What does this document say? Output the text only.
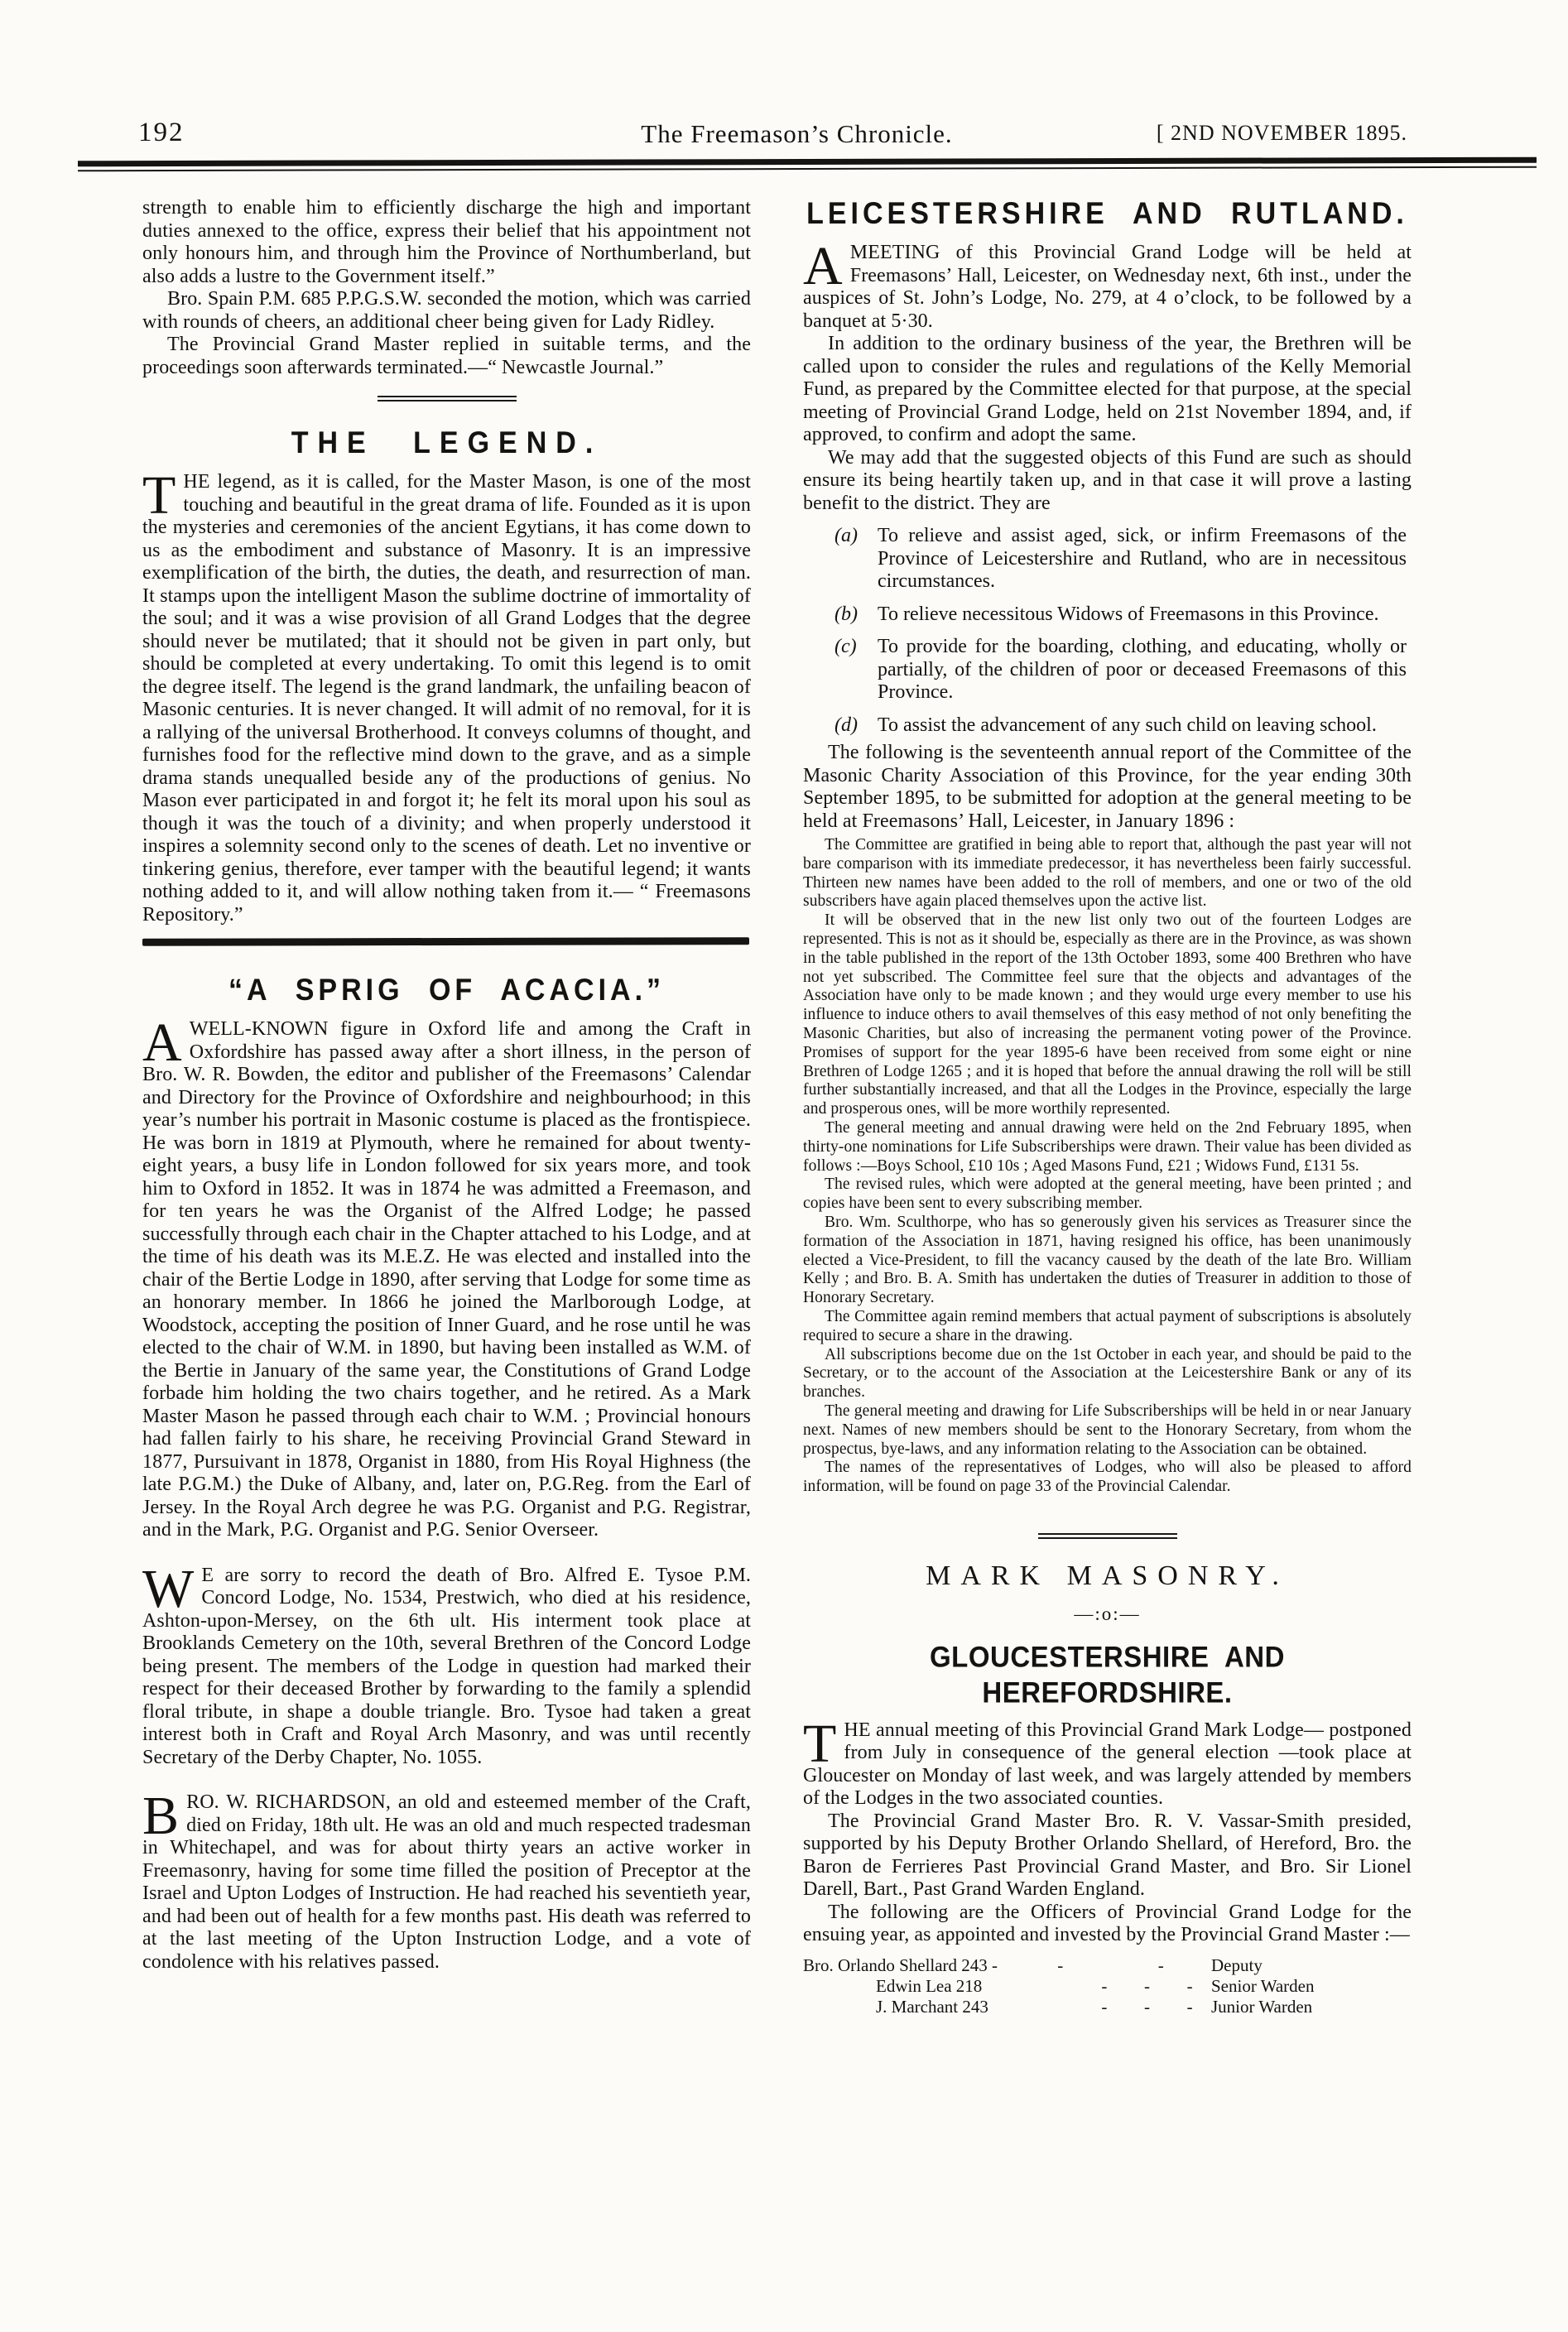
192	The Freemason’s Chronicle.	[ 2ND NOVEMBER 1895.

strength to enable him to efficiently discharge the high and important duties annexed to the office, express their belief that his appointment not only honours him, and through him the Province of Northumberland, but also adds a lustre to the Government itself.”

Bro. Spain P.M. 685 P.P.G.S.W. seconded the motion, which was carried with rounds of cheers, an additional cheer being given for Lady Ridley.

The Provincial Grand Master replied in suitable terms, and the proceedings soon afterwards terminated.—“ Newcastle Journal.”

THE LEGEND.

THE legend, as it is called, for the Master Mason, is one of the most touching and beautiful in the great drama of life. Founded as it is upon the mysteries and ceremonies of the ancient Egytians, it has come down to us as the embodiment and substance of Masonry. It is an impressive exemplification of the birth, the duties, the death, and resurrection of man. It stamps upon the intelligent Mason the sublime doctrine of immortality of the soul; and it was a wise provision of all Grand Lodges that the degree should never be mutilated; that it should not be given in part only, but should be completed at every undertaking. To omit this legend is to omit the degree itself. The legend is the grand landmark, the unfailing beacon of Masonic centuries. It is never changed. It will admit of no removal, for it is a rallying of the universal Brotherhood. It conveys columns of thought, and furnishes food for the reflective mind down to the grave, and as a simple drama stands unequalled beside any of the productions of genius. No Mason ever participated in and forgot it; he felt its moral upon his soul as though it was the touch of a divinity; and when properly understood it inspires a solemnity second only to the scenes of death. Let no inventive or tinkering genius, therefore, ever tamper with the beautiful legend; it wants nothing added to it, and will allow nothing taken from it.— “ Freemasons Repository.”

“A SPRIG OF ACACIA.”

AWELL-KNOWN figure in Oxford life and among the Craft in Oxfordshire has passed away after a short illness, in the person of Bro. W. R. Bowden, the editor and publisher of the Freemasons’ Calendar and Directory for the Province of Oxfordshire and neighbourhood; in this year’s number his portrait in Masonic costume is placed as the frontispiece. He was born in 1819 at Plymouth, where he remained for about twenty-eight years, a busy life in London followed for six years more, and took him to Oxford in 1852. It was in 1874 he was admitted a Freemason, and for ten years he was the Organist of the Alfred Lodge; he passed successfully through each chair in the Chapter attached to his Lodge, and at the time of his death was its M.E.Z. He was elected and installed into the chair of the Bertie Lodge in 1890, after serving that Lodge for some time as an honorary member. In 1866 he joined the Marlborough Lodge, at Woodstock, accepting the position of Inner Guard, and he rose until he was elected to the chair of W.M. in 1890, but having been installed as W.M. of the Bertie in January of the same year, the Constitutions of Grand Lodge forbade him holding the two chairs together, and he retired. As a Mark Master Mason he passed through each chair to W.M. ; Provincial honours had fallen fairly to his share, he receiving Provincial Grand Steward in 1877, Pursuivant in 1878, Organist in 1880, from His Royal Highness (the late P.G.M.) the Duke of Albany, and, later on, P.G.Reg. from the Earl of Jersey. In the Royal Arch degree he was P.G. Organist and P.G. Registrar, and in the Mark, P.G. Organist and P.G. Senior Overseer.

W E are sorry to record the death of Bro. Alfred E. Tysoe P.M. Concord Lodge, No. 1534, Prestwich, who died at his residence, Ashton-upon-Mersey, on the 6th ult. His interment took place at Brooklands Cemetery on the 10th, several Brethren of the Concord Lodge being present. The members of the Lodge in question had marked their respect for their deceased Brother by forwarding to the family a splendid floral tribute, in shape a double triangle. Bro. Tysoe had taken a great interest both in Craft and Royal Arch Masonry, and was until recently Secretary of the Derby Chapter, No. 1055.

BRO. W. RICHARDSON, an old and esteemed member of the Craft, died on Friday, 18th ult. He was an old and much respected tradesman in Whitechapel, and was for about thirty years an active worker in Freemasonry, having for some time filled the position of Preceptor at the Israel and Upton Lodges of Instruction. He had reached his seventieth year, and had been out of health for a few months past. His death was referred to at the last meeting of the Upton Instruction Lodge, and a vote of condolence with his relatives passed.

LEICESTERSHIRE AND RUTLAND.

AMEETING of this Provincial Grand Lodge will be held at Freemasons’ Hall, Leicester, on Wednesday next, 6th inst., under the auspices of St. John’s Lodge, No. 279, at 4 o’clock, to be followed by a banquet at 5·30.

In addition to the ordinary business of the year, the Brethren will be called upon to consider the rules and regulations of the Kelly Memorial Fund, as prepared by the Committee elected for that purpose, at the special meeting of Provincial Grand Lodge, held on 21st November 1894, and, if approved, to confirm and adopt the same.

We may add that the suggested objects of this Fund are such as should ensure its being heartily taken up, and in that case it will prove a lasting benefit to the district. They are

(a)	To relieve and assist aged, sick, or infirm Freemasons of the Province of Leicestershire and Rutland, who are in necessitous circumstances.
(b)	To relieve necessitous Widows of Freemasons in this Province.
(c)	To provide for the boarding, clothing, and educating, wholly or partially, of the children of poor or deceased Freemasons of this Province.
(d)	To assist the advancement of any such child on leaving school.

The following is the seventeenth annual report of the Committee of the Masonic Charity Association of this Province, for the year ending 30th September 1895, to be submitted for adoption at the general meeting to be held at Freemasons’ Hall, Leicester, in January 1896 :

The Committee are gratified in being able to report that, although the past year will not bare comparison with its immediate predecessor, it has nevertheless been fairly successful. Thirteen new names have been added to the roll of members, and one or two of the old subscribers have again placed themselves upon the active list.

It will be observed that in the new list only two out of the fourteen Lodges are represented. This is not as it should be, especially as there are in the Province, as was shown in the table published in the report of the 13th October 1893, some 400 Brethren who have not yet subscribed. The Committee feel sure that the objects and advantages of the Association have only to be made known ; and they would urge every member to use his influence to induce others to avail themselves of this easy method of not only benefiting the Masonic Charities, but also of increasing the permanent voting power of the Province. Promises of support for the year 1895-6 have been received from some eight or nine Brethren of Lodge 1265 ; and it is hoped that before the annual drawing the roll will be still further substantially increased, and that all the Lodges in the Province, especially the large and prosperous ones, will be more worthily represented.

The general meeting and annual drawing were held on the 2nd February 1895, when thirty-one nominations for Life Subscriberships were drawn. Their value has been divided as follows :—Boys School, £10 10s ; Aged Masons Fund, £21 ; Widows Fund, £131 5s.

The revised rules, which were adopted at the general meeting, have been printed ; and copies have been sent to every subscribing member.

Bro. Wm. Sculthorpe, who has so generously given his services as Treasurer since the formation of the Association in 1871, having resigned his office, has been unanimously elected a Vice-President, to fill the vacancy caused by the death of the late Bro. William Kelly ; and Bro. B. A. Smith has undertaken the duties of Treasurer in addition to those of Honorary Secretary.

The Committee again remind members that actual payment of subscriptions is absolutely required to secure a share in the drawing.

All subscriptions become due on the 1st October in each year, and should be paid to the Secretary, or to the account of the Association at the Leicestershire Bank or any of its branches.

The general meeting and drawing for Life Subscriberships will be held in or near January next. Names of new members should be sent to the Honorary Secretary, from whom the prospectus, bye-laws, and any information relating to the Association can be obtained.

The names of the representatives of Lodges, who will also be pleased to afford information, will be found on page 33 of the Provincial Calendar.

MARK MASONRY.
—:o:—
GLOUCESTERSHIRE AND HEREFORDSHIRE.

THE annual meeting of this Provincial Grand Mark Lodge— postponed from July in consequence of the general election —took place at Gloucester on Monday of last week, and was largely attended by members of the Lodges in the two associated counties.

The Provincial Grand Master Bro. R. V. Vassar-Smith presided, supported by his Deputy Brother Orlando Shellard, of Hereford, Bro. the Baron de Ferrieres Past Provincial Grand Master, and Bro. Sir Lionel Darell, Bart., Past Grand Warden England.

The following are the Officers of Provincial Grand Lodge for the ensuing year, as appointed and invested by the Provincial Grand Master :—

Bro. Orlando Shellard 243 -	-	-	Deputy
Edwin Lea 218	-	-	-	Senior Warden
J. Marchant 243	-	-	-	Junior Warden
